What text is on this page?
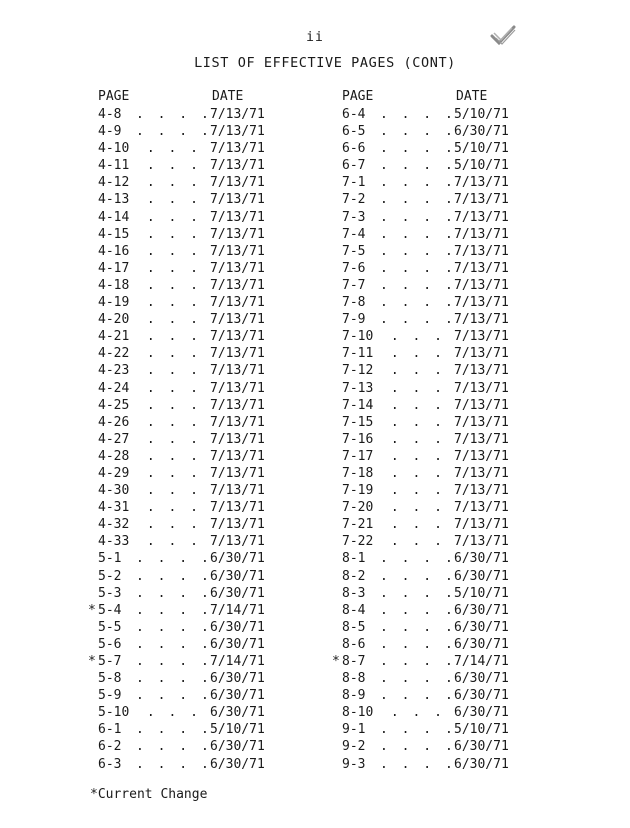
ii
LIST OF EFFECTIVE PAGES (CONT)
PAGE	DATE
4-8 . . . .
7/13/71
4-9 . . . .
7/13/71
4-10 . . . 7/13/71
4-11 . . . 7/13/71
4-12 . . . 7/13/71
4-13 . . . 7/13/71
4-14 . . . 7/13/71
4-15 . . . 7/13/71
4-16 . . . 7/13/71
4-17 . . . 7/13/71
4-18 . . . 7/13/71
4-19 . . . 7/13/71
4-20 . . . 7/13/71
4-21 . . . 7/13/71
4-22 . . . 7/13/71
4-23 . . . 7/13/71
4-24 . . . 7/13/71
4-25 . . . 7/13/71
4-26 . . . 7/13/71
4-27 . . . 7/13/71
4-28 . . . 7/13/71
4-29 . . . 7/13/71
4-30 . . . 7/13/71
4-31 . . . 7/13/71
4-32 . . . 7/13/71
4-33 . . . 7/13/71
5-1 . . . .
6/30/71
5-2 . . . .
6/30/71
5-3 . . . .
6/30/71
* 5-4 . . . .
7/14/71
5-5 . . . .
6/30/71
5-6 . . . .
6/30/71
* 5-7 . . . .
7/14/71
5-8 . . . .
6/30/71
5-9 . . . .
6/30/71
5-10 . . . 6/30/71
6-1 . . . .
5/10/71
6-2 . . . .
6/30/71
6-3 . . . .
6/30/71
PAGE	DATE
6-4 . . . .
5/10/71
6-5 . . . .
6/30/71
6-6 . . . .
5/10/71
6-7 . . . .
5/10/71
7-1 . . . .
7/13/71
7-2 . . . .
7/13/71
7-3 . . . .
7/13/71
7-4 . . . .
7/13/71
7-5 . . . .
7/13/71
7-6 . . . .
7/13/71
7-7 . . . .
7/13/71
7-8 . . . .
7/13/71
7-9 . . . .
7/13/71
7-10 . . . 7/13/71
7-11 . . . 7/13/71
7-12 . . . 7/13/71
7-13 . . . 7/13/71
7-14 . . . 7/13/71
7-15 . . . 7/13/71
7-16 . . . 7/13/71
7-17 . . . 7/13/71
7-18 . . . 7/13/71
7-19 . . . 7/13/71
7-20 . . . 7/13/71
7-21 . . . 7/13/71
7-22 . . . 7/13/71
8-1 . . . .
6/30/71
8-2 . . . .
6/30/71
8-3 . . . .
5/10/71
8-4 . . . .
6/30/71
8-5 . . . .
6/30/71
8-6 . . . .
6/30/71
* 8-7 . . . .
7/14/71
8-8 . . . .
6/30/71
8-9 . . . .
6/30/71
8-10 . . . 6/30/71
9-1 . . . .
5/10/71
9-2 . . . .
6/30/71
9-3 . . . .
6/30/71
*Current Change
